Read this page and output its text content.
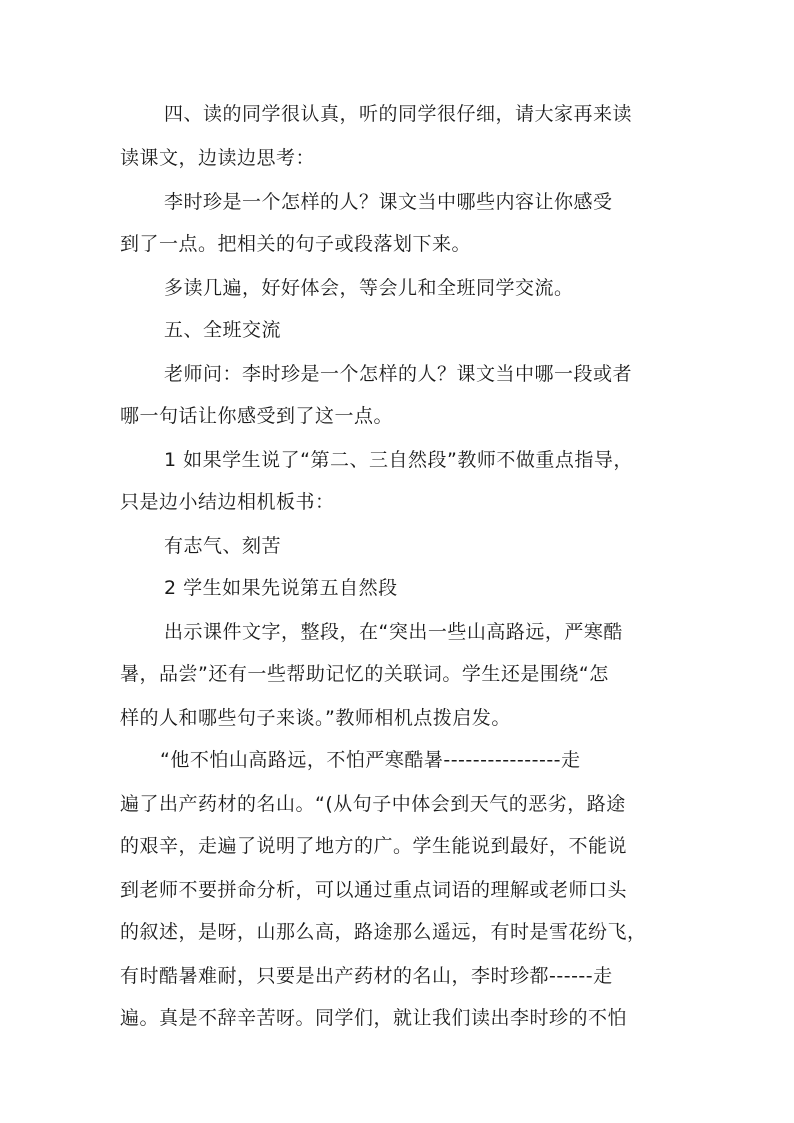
四、读的同学很认真，听的同学很仔细，请大家再来读
读课文，边读边思考：
李时珍是一个怎样的人？课文当中哪些内容让你感受
到了一点。把相关的句子或段落划下来。
多读几遍，好好体会，等会儿和全班同学交流。
五、全班交流
老师问：李时珍是一个怎样的人？课文当中哪一段或者
哪一句话让你感受到了这一点。
1 如果学生说了“第二、三自然段”教师不做重点指导，
只是边小结边相机板书：
有志气、刻苦
2 学生如果先说第五自然段
出示课件文字，整段，在“突出一些山高路远，严寒酷
暑，品尝”还有一些帮助记忆的关联词。学生还是围绕“怎
样的人和哪些句子来谈。”教师相机点拨启发。
“他不怕山高路远，不怕严寒酷暑----------------走
遍了出产药材的名山。“(从句子中体会到天气的恶劣，路途
的艰辛，走遍了说明了地方的广。学生能说到最好，不能说
到老师不要拼命分析，可以通过重点词语的理解或老师口头
的叙述，是呀，山那么高，路途那么遥远，有时是雪花纷飞，
有时酷暑难耐，只要是出产药材的名山，李时珍都------走
遍。真是不辞辛苦呀。同学们，就让我们读出李时珍的不怕
